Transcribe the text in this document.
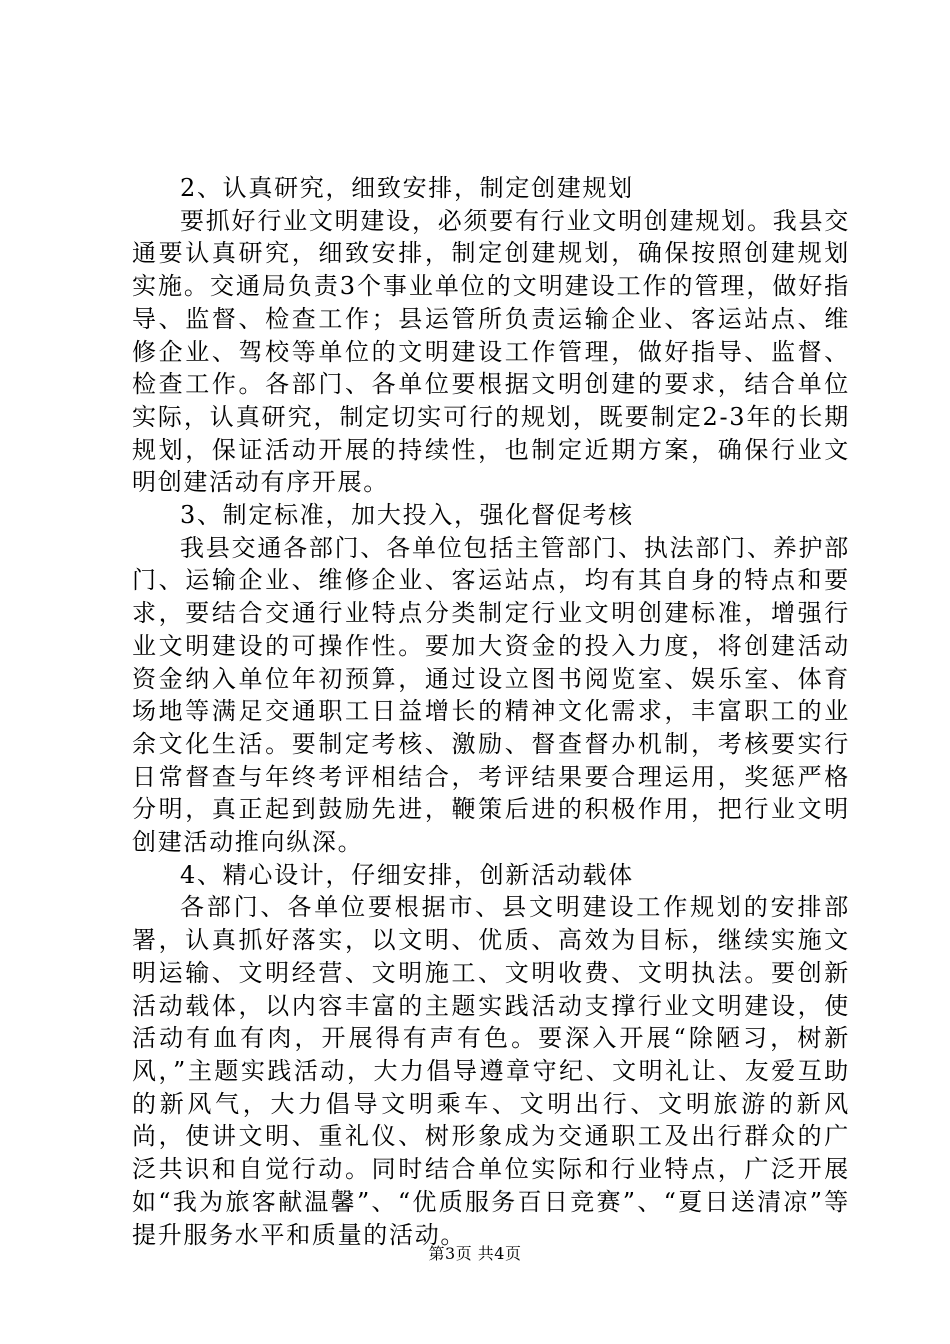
2、认真研究，细致安排，制定创建规划

要抓好行业文明建设，必须要有行业文明创建规划。我县交通要认真研究，细致安排，制定创建规划，确保按照创建规划实施。交通局负责3个事业单位的文明建设工作的管理，做好指导、监督、检查工作；县运管所负责运输企业、客运站点、维修企业、驾校等单位的文明建设工作管理，做好指导、监督、检查工作。各部门、各单位要根据文明创建的要求，结合单位实际，认真研究，制定切实可行的规划，既要制定2-3年的长期规划，保证活动开展的持续性，也制定近期方案，确保行业文明创建活动有序开展。

3、制定标准，加大投入，强化督促考核

我县交通各部门、各单位包括主管部门、执法部门、养护部门、运输企业、维修企业、客运站点，均有其自身的特点和要求，要结合交通行业特点分类制定行业文明创建标准，增强行业文明建设的可操作性。要加大资金的投入力度，将创建活动资金纳入单位年初预算，通过设立图书阅览室、娱乐室、体育场地等满足交通职工日益增长的精神文化需求，丰富职工的业余文化生活。要制定考核、激励、督查督办机制，考核要实行日常督查与年终考评相结合，考评结果要合理运用，奖惩严格分明，真正起到鼓励先进，鞭策后进的积极作用，把行业文明创建活动推向纵深。

4、精心设计，仔细安排，创新活动载体

各部门、各单位要根据市、县文明建设工作规划的安排部署，认真抓好落实，以文明、优质、高效为目标，继续实施文明运输、文明经营、文明施工、文明收费、文明执法。要创新活动载体，以内容丰富的主题实践活动支撑行业文明建设，使活动有血有肉，开展得有声有色。要深入开展“除陋习，树新风，”主题实践活动，大力倡导遵章守纪、文明礼让、友爱互助的新风气，大力倡导文明乘车、文明出行、文明旅游的新风尚，使讲文明、重礼仪、树形象成为交通职工及出行群众的广泛共识和自觉行动。同时结合单位实际和行业特点，广泛开展如“我为旅客献温馨”、“优质服务百日竞赛”、“夏日送清凉”等提升服务水平和质量的活动。

第3页 共4页
